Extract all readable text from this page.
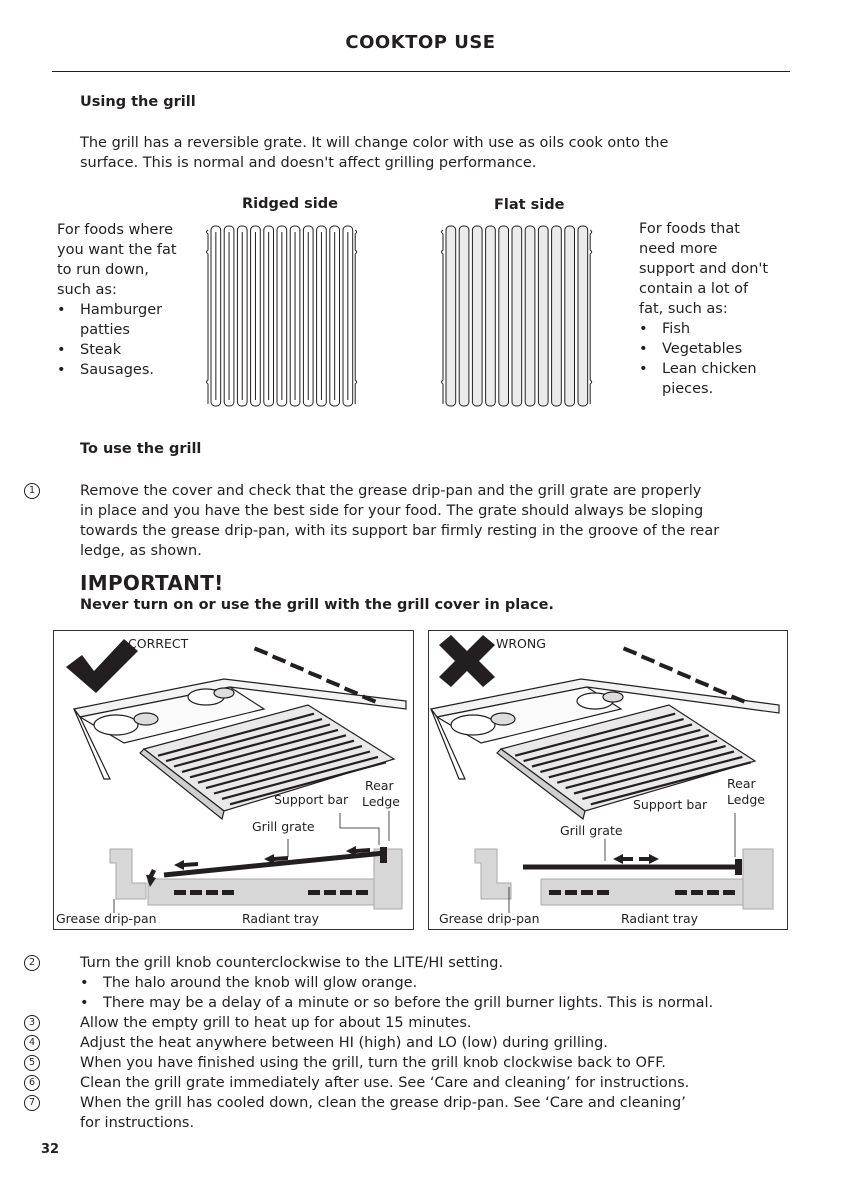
COOKTOP USE
Using the grill
The grill has a reversible grate. It will change color with use as oils cook onto the
surface. This is normal and doesn't affect grilling performance.
Ridged side
For foods where
you want the fat
to run down,
such as:
• Hamburger
patties
• Steak
• Sausages.
Flat side
For foods that
need more
support and don't
contain a lot of
fat, such as:
• Fish
• Vegetables
• Lean chicken
pieces.
To use the grill
1	Remove the cover and check that the grease drip-pan and the grill grate are properly
in place and you have the best side for your food. The grate should always be sloping
towards the grease drip-pan, with its support bar firmly resting in the groove of the rear
ledge, as shown.
IMPORTANT!
Never turn on or use the grill with the grill cover in place.
CORRECT
Rear
Ledge
Support bar
Grill grate
Grease drip-pan	Radiant tray
WRONG
Rear
Ledge
Support bar
Grill grate
Grease drip-pan	Radiant tray
2	Turn the grill knob counterclockwise to the LITE/HI setting.
• The halo around the knob will glow orange.
• There may be a delay of a minute or so before the grill burner lights. This is normal.
3	Allow the empty grill to heat up for about 15 minutes.
4	Adjust the heat anywhere between HI (high) and LO (low) during grilling.
5	When you have finished using the grill, turn the grill knob clockwise back to OFF.
6	Clean the grill grate immediately after use. See ‘Care and cleaning’ for instructions.
7	When the grill has cooled down, clean the grease drip-pan. See ‘Care and cleaning’
for instructions.
32
